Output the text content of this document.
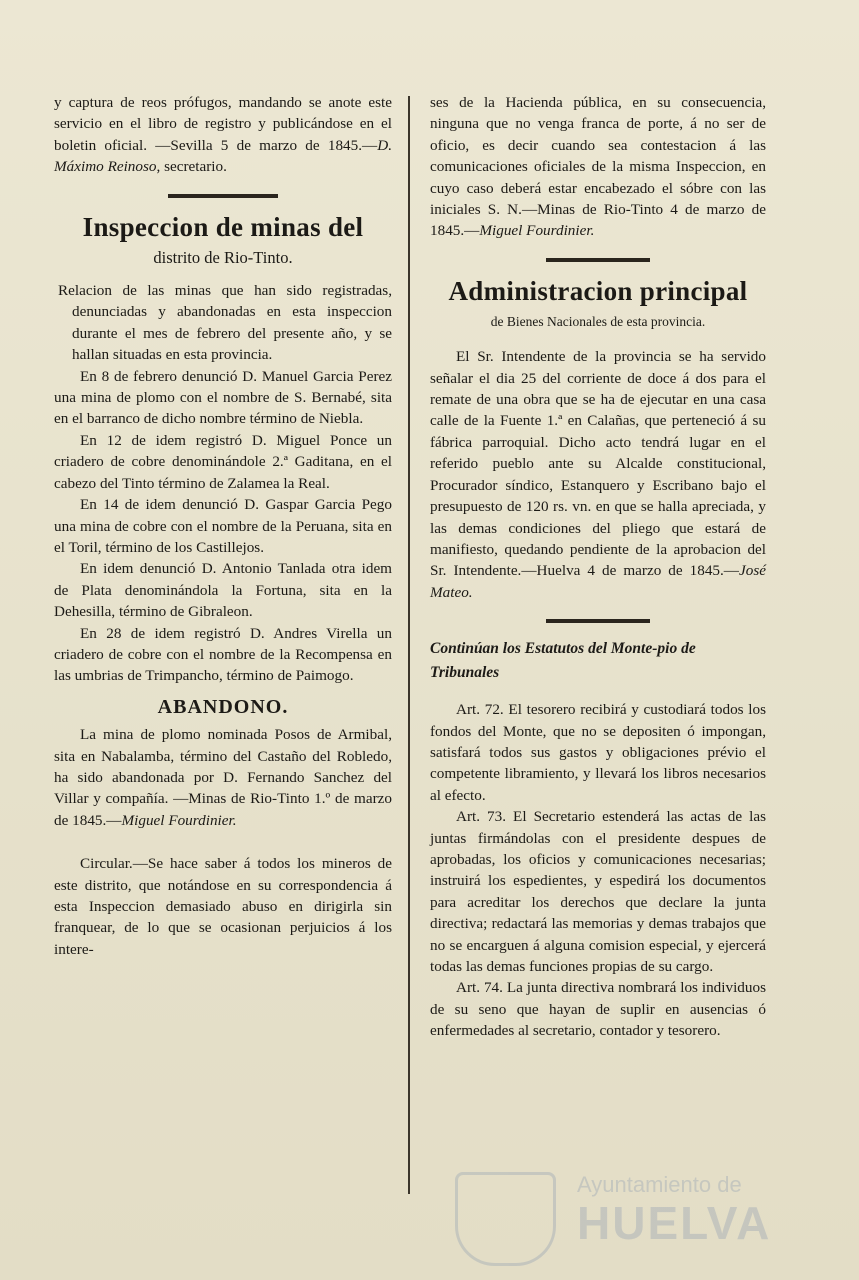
y captura de reos prófugos, mandando se anote este servicio en el libro de registro y publicándose en el boletin oficial. —Sevilla 5 de marzo de 1845.—D. Máximo Reinoso, secretario.

Inspeccion de minas del
distrito de Rio-Tinto.

Relacion de las minas que han sido registradas, denunciadas y abandonadas en esta inspeccion durante el mes de febrero del presente año, y se hallan situadas en esta provincia.

En 8 de febrero denunció D. Manuel Garcia Perez una mina de plomo con el nombre de S. Bernabé, sita en el barranco de dicho nombre término de Niebla.

En 12 de idem registró D. Miguel Ponce un criadero de cobre denominándole 2.ª Gaditana, en el cabezo del Tinto término de Zalamea la Real.

En 14 de idem denunció D. Gaspar Garcia Pego una mina de cobre con el nombre de la Peruana, sita en el Toril, término de los Castillejos.

En idem denunció D. Antonio Tanlada otra idem de Plata denominándola la Fortuna, sita en la Dehesilla, término de Gibraleon.

En 28 de idem registró D. Andres Virella un criadero de cobre con el nombre de la Recompensa en las umbrias de Trimpancho, término de Paimogo.

ABANDONO.

La mina de plomo nominada Posos de Armibal, sita en Nabalamba, término del Castaño del Robledo, ha sido abandonada por D. Fernando Sanchez del Villar y compañía. —Minas de Rio-Tinto 1.º de marzo de 1845.—Miguel Fourdinier.

Circular.—Se hace saber á todos los mineros de este distrito, que notándose en su correspondencia á esta Inspeccion demasiado abuso en dirigirla sin franquear, de lo que se ocasionan perjuicios á los intere-

ses de la Hacienda pública, en su consecuencia, ninguna que no venga franca de porte, á no ser de oficio, es decir cuando sea contestacion á las comunicaciones oficiales de la misma Inspeccion, en cuyo caso deberá estar encabezado el sóbre con las iniciales S. N.—Minas de Rio-Tinto 4 de marzo de 1845.—Miguel Fourdinier.

Administracion principal
de Bienes Nacionales de esta provincia.

El Sr. Intendente de la provincia se ha servido señalar el dia 25 del corriente de doce á dos para el remate de una obra que se ha de ejecutar en una casa calle de la Fuente 1.ª en Calañas, que perteneció á su fábrica parroquial. Dicho acto tendrá lugar en el referido pueblo ante su Alcalde constitucional, Procurador síndico, Estanquero y Escribano bajo el presupuesto de 120 rs. vn. en que se halla apreciada, y las demas condiciones del pliego que estará de manifiesto, quedando pendiente de la aprobacion del Sr. Intendente.—Huelva 4 de marzo de 1845.—José Mateo.

Continúan los Estatutos del Monte-pio de Tribunales

Art. 72. El tesorero recibirá y custodiará todos los fondos del Monte, que no se depositen ó impongan, satisfará todos sus gastos y obligaciones prévio el competente libramiento, y llevará los libros necesarios al efecto.

Art. 73. El Secretario estenderá las actas de las juntas firmándolas con el presidente despues de aprobadas, los oficios y comunicaciones necesarias; instruirá los espedientes, y espedirá los documentos para acreditar los derechos que declare la junta directiva; redactará las memorias y demas trabajos que no se encarguen á alguna comision especial, y ejercerá todas las demas funciones propias de su cargo.

Art. 74. La junta directiva nombrará los individuos de su seno que hayan de suplir en ausencias ó enfermedades al secretario, contador y tesorero.

Ayuntamiento de
HUELVA
